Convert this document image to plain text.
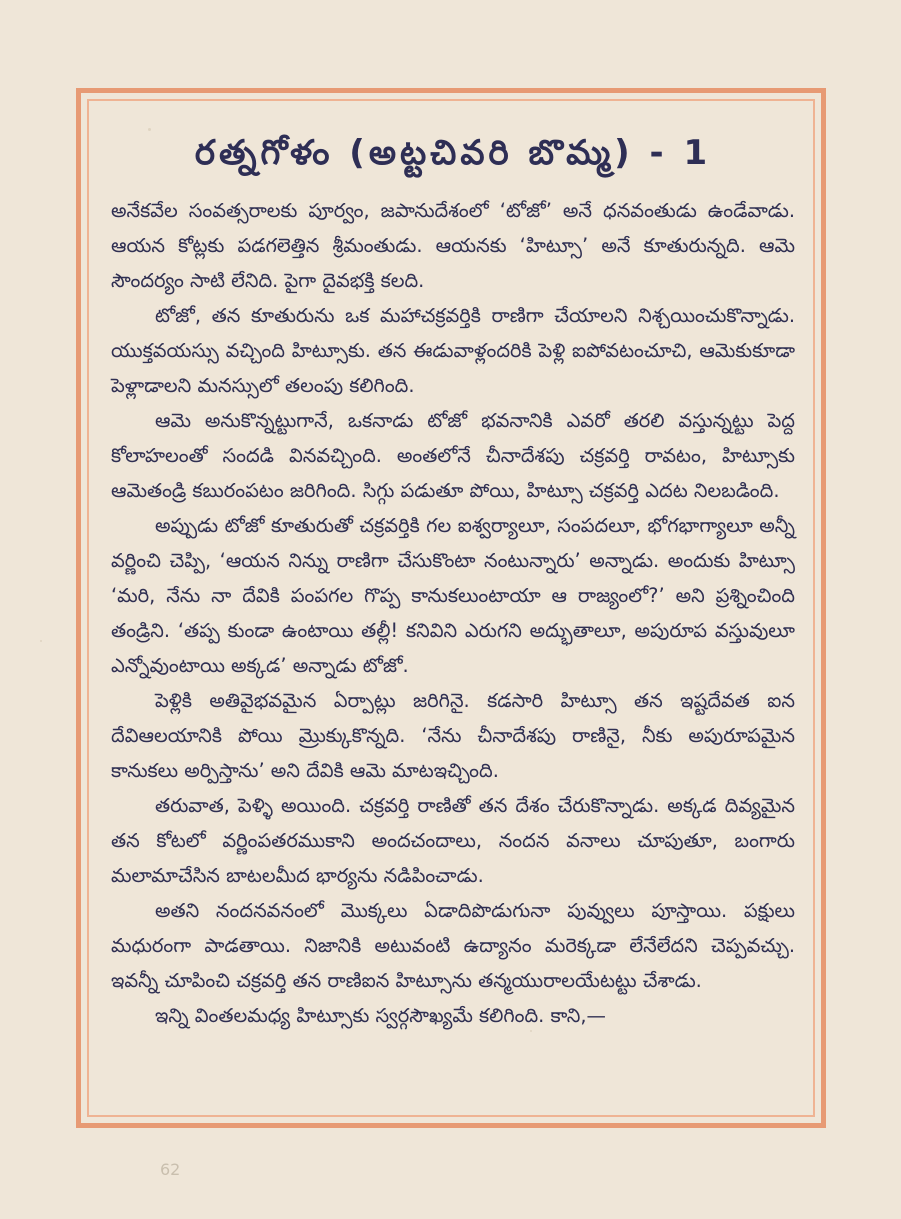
రత్నగోళం (అట్టచివరి బొమ్మ) - 1

అనేకవేల సంవత్సరాలకు పూర్వం, జపానుదేశంలో ‘టోజో’ అనే ధనవంతుడు ఉండేవాడు. ఆయన కోట్లకు పడగలెత్తిన శ్రీమంతుడు. ఆయనకు ‘హిట్సూ’ అనే కూతురున్నది. ఆమె సౌందర్యం సాటి లేనిది. పైగా దైవభక్తి కలది.

టోజో, తన కూతురును ఒక మహాచక్రవర్తికి రాణిగా చేయాలని నిశ్చయించుకొన్నాడు. యుక్తవయస్సు వచ్చింది హిట్సూకు. తన ఈడువాళ్లందరికి పెళ్లి ఐపోవటంచూచి, ఆమెకుకూడా పెళ్లాడాలని మనస్సులో తలంపు కలిగింది.

ఆమె అనుకొన్నట్టుగానే, ఒకనాడు టోజో భవనానికి ఎవరో తరలి వస్తున్నట్టు పెద్ద కోలాహలంతో సందడి వినవచ్చింది. అంతలోనే చీనాదేశపు చక్రవర్తి రావటం, హిట్సూకు ఆమెతండ్రి కబురంపటం జరిగింది. సిగ్గు పడుతూ పోయి, హిట్సూ చక్రవర్తి ఎదట నిలబడింది.

అప్పుడు టోజో కూతురుతో చక్రవర్తికి గల ఐశ్వర్యాలూ, సంపదలూ, భోగభాగ్యాలూ అన్నీ వర్ణించి చెప్పి, ‘ఆయన నిన్ను రాణిగా చేసుకొంటా నంటున్నారు’ అన్నాడు. అందుకు హిట్సూ ‘మరి, నేను నా దేవికి పంపగల గొప్ప కానుకలుంటాయా ఆ రాజ్యంలో?’ అని ప్రశ్నించింది తండ్రిని. ‘తప్ప కుండా ఉంటాయి తల్లీ! కనివిని ఎరుగని అద్భుతాలూ, అపురూప వస్తువులూ ఎన్నోవుంటాయి అక్కడ’ అన్నాడు టోజో.

పెళ్లికి అతివైభవమైన ఏర్పాట్లు జరిగినై. కడసారి హిట్సూ తన ఇష్టదేవత ఐన దేవిఆలయానికి పోయి మ్రొక్కుకొన్నది. ‘నేను చీనాదేశపు రాణినై, నీకు అపురూపమైన కానుకలు అర్పిస్తాను’ అని దేవికి ఆమె మాటఇచ్చింది.

తరువాత, పెళ్ళి అయింది. చక్రవర్తి రాణితో తన దేశం చేరుకొన్నాడు. అక్కడ దివ్యమైన తన కోటలో వర్ణింపతరముకాని అందచందాలు, నందన వనాలు చూపుతూ, బంగారు మలామాచేసిన బాటలమీద భార్యను నడిపించాడు.

అతని నందనవనంలో మొక్కలు ఏడాదిపొడుగునా పువ్వులు పూస్తాయి. పక్షులు మధురంగా పాడతాయి. నిజానికి అటువంటి ఉద్యానం మరెక్కడా లేనేలేదని చెప్పవచ్చు. ఇవన్నీ చూపించి చక్రవర్తి తన రాణిఐన హిట్సూను తన్మయురాలయేటట్టు చేశాడు.

ఇన్ని వింతలమధ్య హిట్సూకు స్వర్గసౌఖ్యమే కలిగింది. కాని,—

62
